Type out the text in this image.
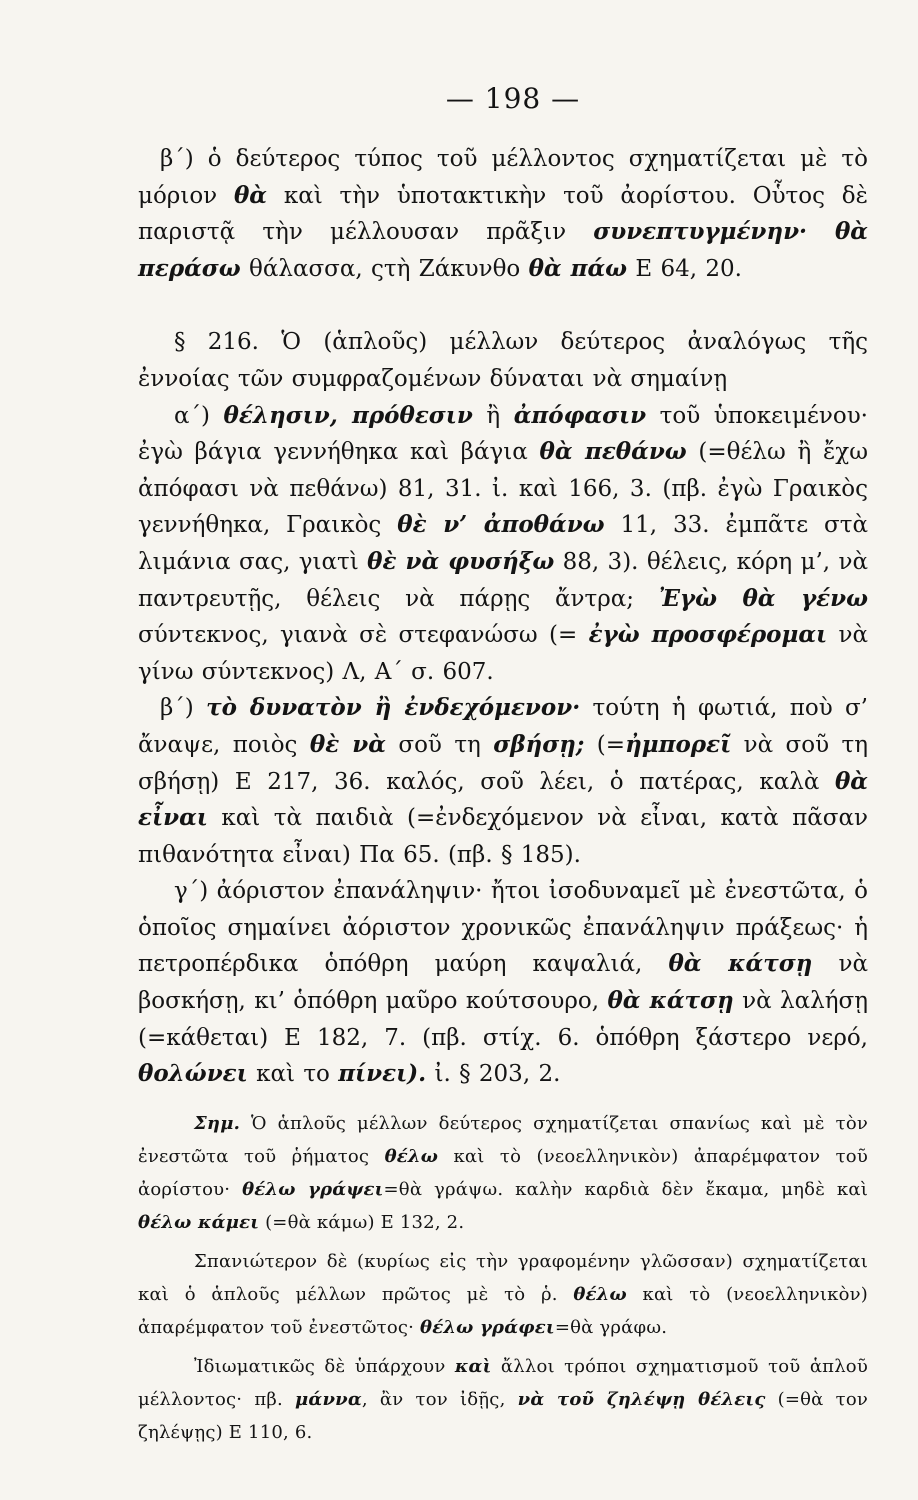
— 198 —

β΄) ὁ δεύτερος τύπος τοῦ μέλλοντος σχηματίζεται μὲ τὸ μόριον θὰ καὶ τὴν ὑποτακτικὴν τοῦ ἀορίστου. Οὗτος δὲ παριστᾷ τὴν μέλλουσαν πρᾶξιν συνεπτυγμένην· θὰ περάσω θάλασσα, ςτὴ Ζάκυνθο θὰ πάω Ε 64, 20.

§ 216. Ὁ (ἁπλοῦς) μέλλων δεύτερος ἀναλόγως τῆς ἐννοίας τῶν συμφραζομένων δύναται νὰ σημαίνῃ

α΄) θέλησιν, πρόθεσιν ἢ ἀπόφασιν τοῦ ὑποκειμένου· ἐγὼ βάγια γεννήθηκα καὶ βάγια θὰ πεθάνω (=θέλω ἢ ἔχω ἀπόφασι νὰ πεθάνω) 81, 31. ἰ. καὶ 166, 3. (πβ. ἐγὼ Γραικὸς γεννήθηκα, Γραικὸς θὲ ν’ ἀποθάνω 11, 33. ἐμπᾶτε στὰ λιμάνια σας, γιατὶ θὲ νὰ φυσήξω 88, 3). θέλεις, κόρη μ’, νὰ παντρευτῇς, θέλεις νὰ πάρῃς ἄντρα; Ἐγὼ θὰ γένω σύντεκνος, γιανὰ σὲ στεφανώσω (= ἐγὼ προσφέρομαι νὰ γίνω σύντεκνος) Λ, Α΄ σ. 607.

β΄) τὸ δυνατὸν ἢ ἐνδεχόμενον· τούτη ἡ φωτιά, ποὺ σ’ ἄναψε, ποιὸς θὲ νὰ σοῦ τη σβήσῃ; (=ἠμπορεῖ νὰ σοῦ τη σβήσῃ) Ε 217, 36. καλός, σοῦ λέει, ὁ πατέρας, καλὰ θὰ εἶναι καὶ τὰ παιδιὰ (=ἐνδεχόμενον νὰ εἶναι, κατὰ πᾶσαν πιθανότητα εἶναι) Πα 65. (πβ. § 185).

γ΄) ἀόριστον ἐπανάληψιν· ἤτοι ἰσοδυναμεῖ μὲ ἐνεστῶτα, ὁ ὁποῖος σημαίνει ἀόριστον χρονικῶς ἐπανάληψιν πράξεως· ἡ πετροπέρδικα ὁπόθρη μαύρη καψαλιά, θὰ κάτσῃ νὰ βοσκήσῃ, κι’ ὁπόθρη μαῦρο κούτσουρο, θὰ κάτσῃ νὰ λαλήσῃ (=κάθεται) Ε 182, 7. (πβ. στίχ. 6. ὁπόθρη ξάστερο νερό, θολώνει καὶ το πίνει). ἰ. § 203, 2.

Σημ. Ὁ ἁπλοῦς μέλλων δεύτερος σχηματίζεται σπανίως καὶ μὲ τὸν ἐνεστῶτα τοῦ ῥήματος θέλω καὶ τὸ (νεοελληνικὸν) ἀπαρέμφατον τοῦ ἀορίστου· θέλω γράψει=θὰ γράψω. καλὴν καρδιὰ δὲν ἔκαμα, μηδὲ καὶ θέλω κάμει (=θὰ κάμω) Ε 132, 2.

Σπανιώτερον δὲ (κυρίως εἰς τὴν γραφομένην γλῶσσαν) σχηματίζεται καὶ ὁ ἁπλοῦς μέλλων πρῶτος μὲ τὸ ῥ. θέλω καὶ τὸ (νεοελληνικὸν) ἀπαρέμφατον τοῦ ἐνεστῶτος· θέλω γράφει=θὰ γράφω.

Ἰδιωματικῶς δὲ ὑπάρχουν καὶ ἄλλοι τρόποι σχηματισμοῦ τοῦ ἁπλοῦ μέλλοντος· πβ. μάννα, ἂν τον ἰδῇς, νὰ τοῦ ζηλέψῃ θέλεις (=θὰ τον ζηλέψῃς) Ε 110, 6.
